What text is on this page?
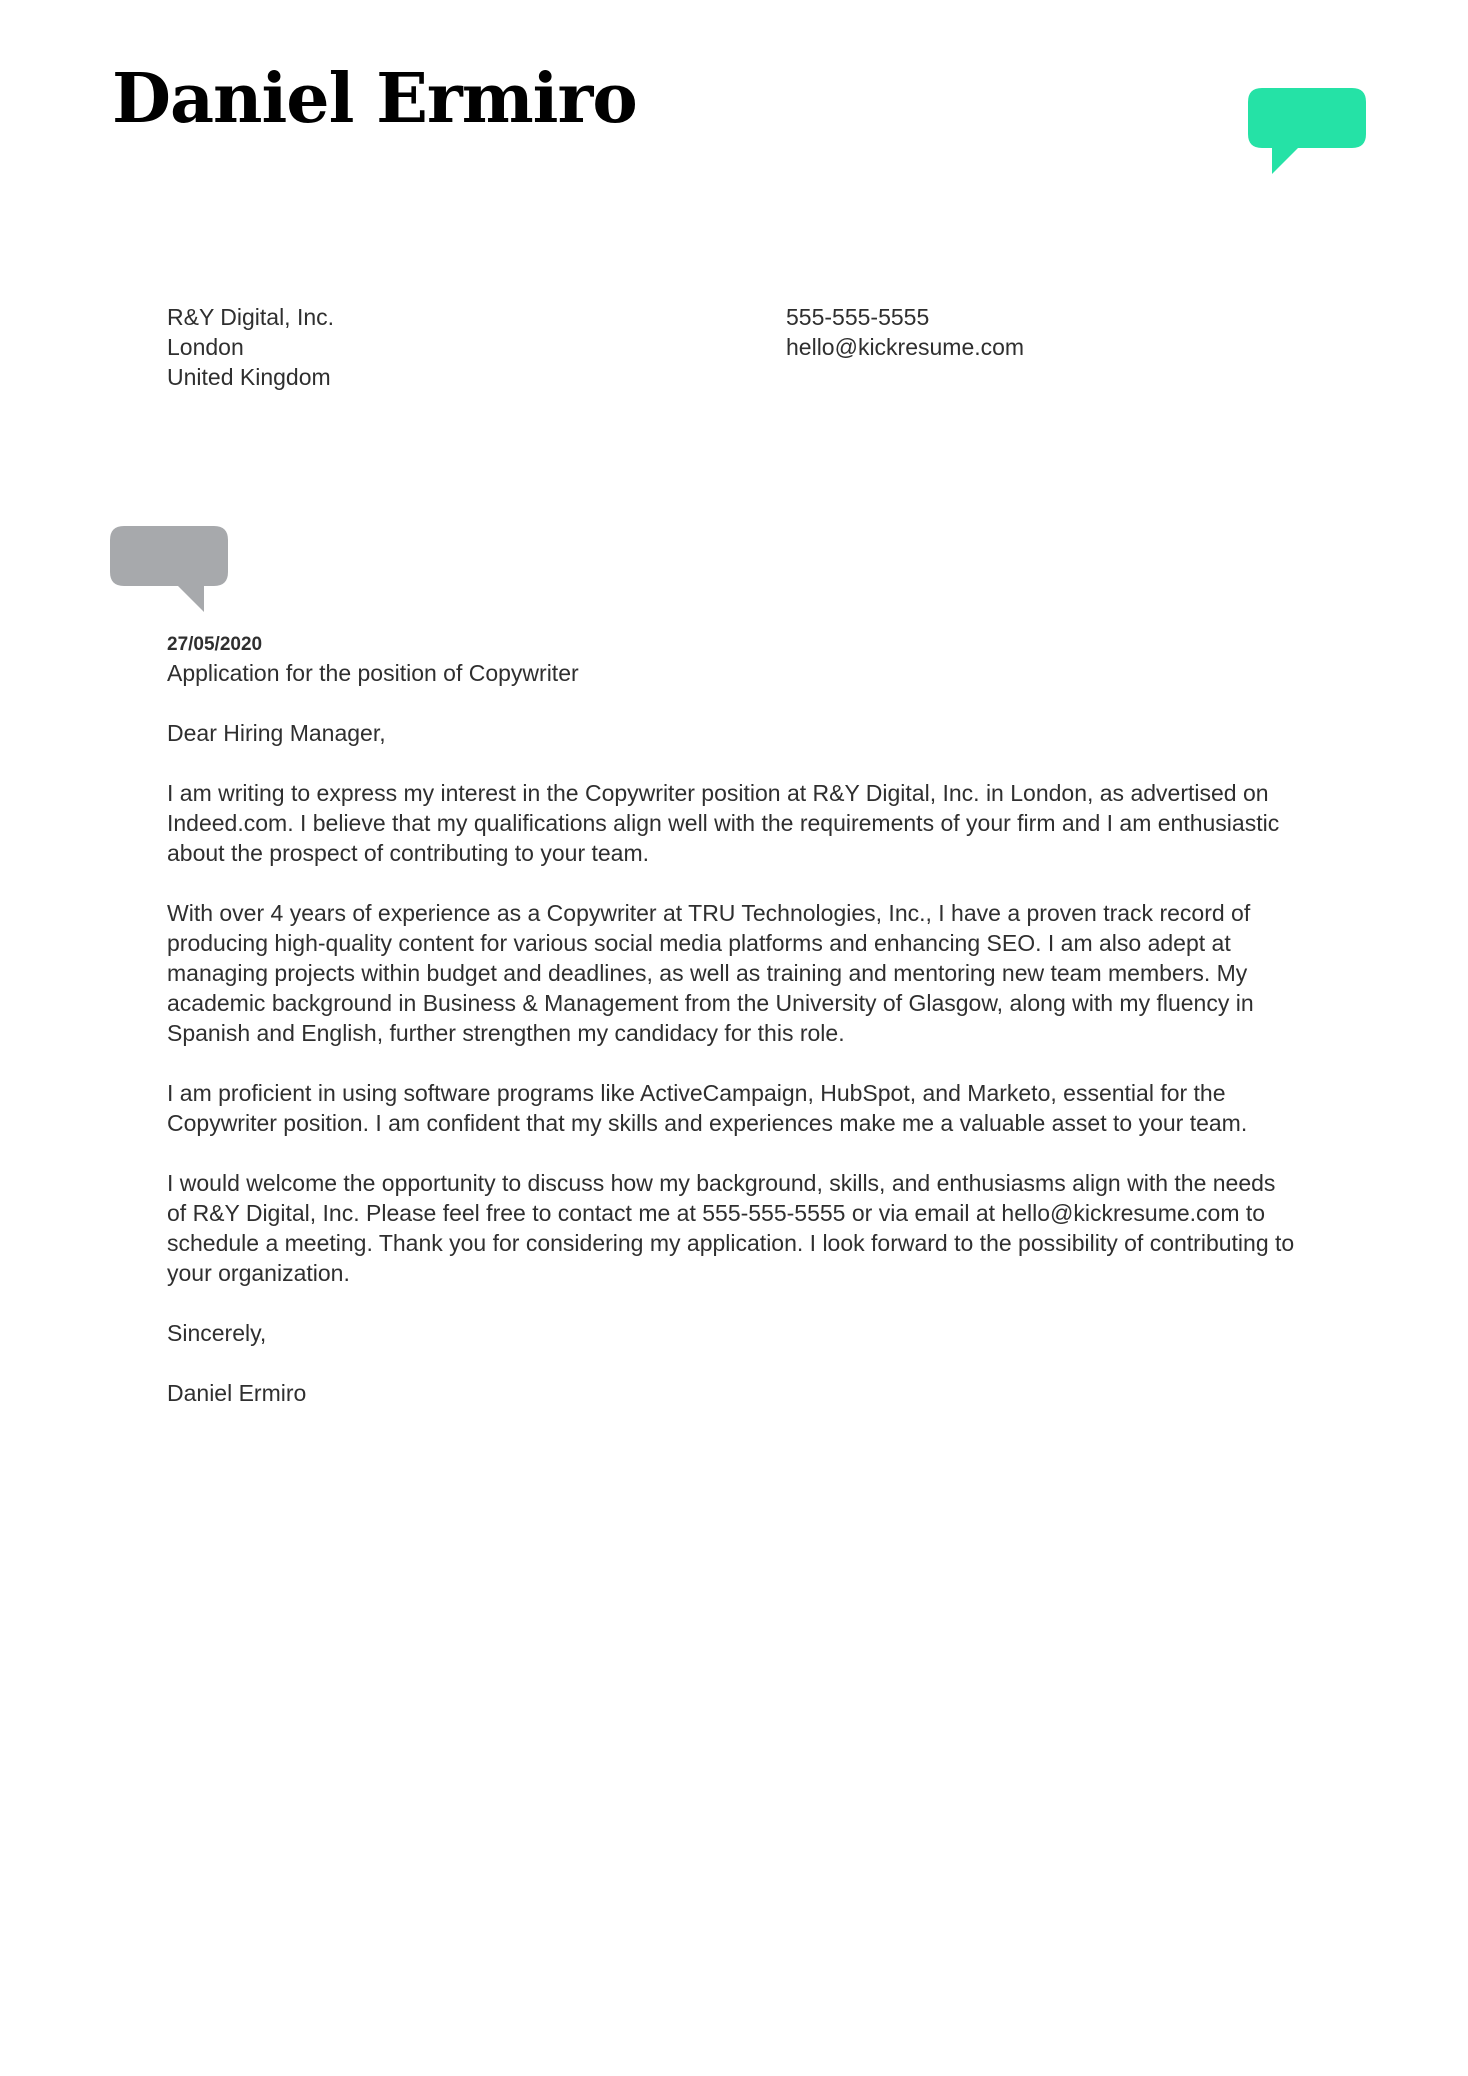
Daniel Ermiro
R&Y Digital, Inc.
London
United Kingdom
555-555-5555
hello@kickresume.com
27/05/2020
Application for the position of Copywriter
Dear Hiring Manager,
I am writing to express my interest in the Copywriter position at R&Y Digital, Inc. in London, as advertised on
Indeed.com. I believe that my qualifications align well with the requirements of your firm and I am enthusiastic
about the prospect of contributing to your team.
With over 4 years of experience as a Copywriter at TRU Technologies, Inc., I have a proven track record of
producing high-quality content for various social media platforms and enhancing SEO. I am also adept at
managing projects within budget and deadlines, as well as training and mentoring new team members. My
academic background in Business & Management from the University of Glasgow, along with my fluency in
Spanish and English, further strengthen my candidacy for this role.
I am proficient in using software programs like ActiveCampaign, HubSpot, and Marketo, essential for the
Copywriter position. I am confident that my skills and experiences make me a valuable asset to your team.
I would welcome the opportunity to discuss how my background, skills, and enthusiasms align with the needs
of R&Y Digital, Inc. Please feel free to contact me at 555-555-5555 or via email at hello@kickresume.com to
schedule a meeting. Thank you for considering my application. I look forward to the possibility of contributing to
your organization.
Sincerely,
Daniel Ermiro
